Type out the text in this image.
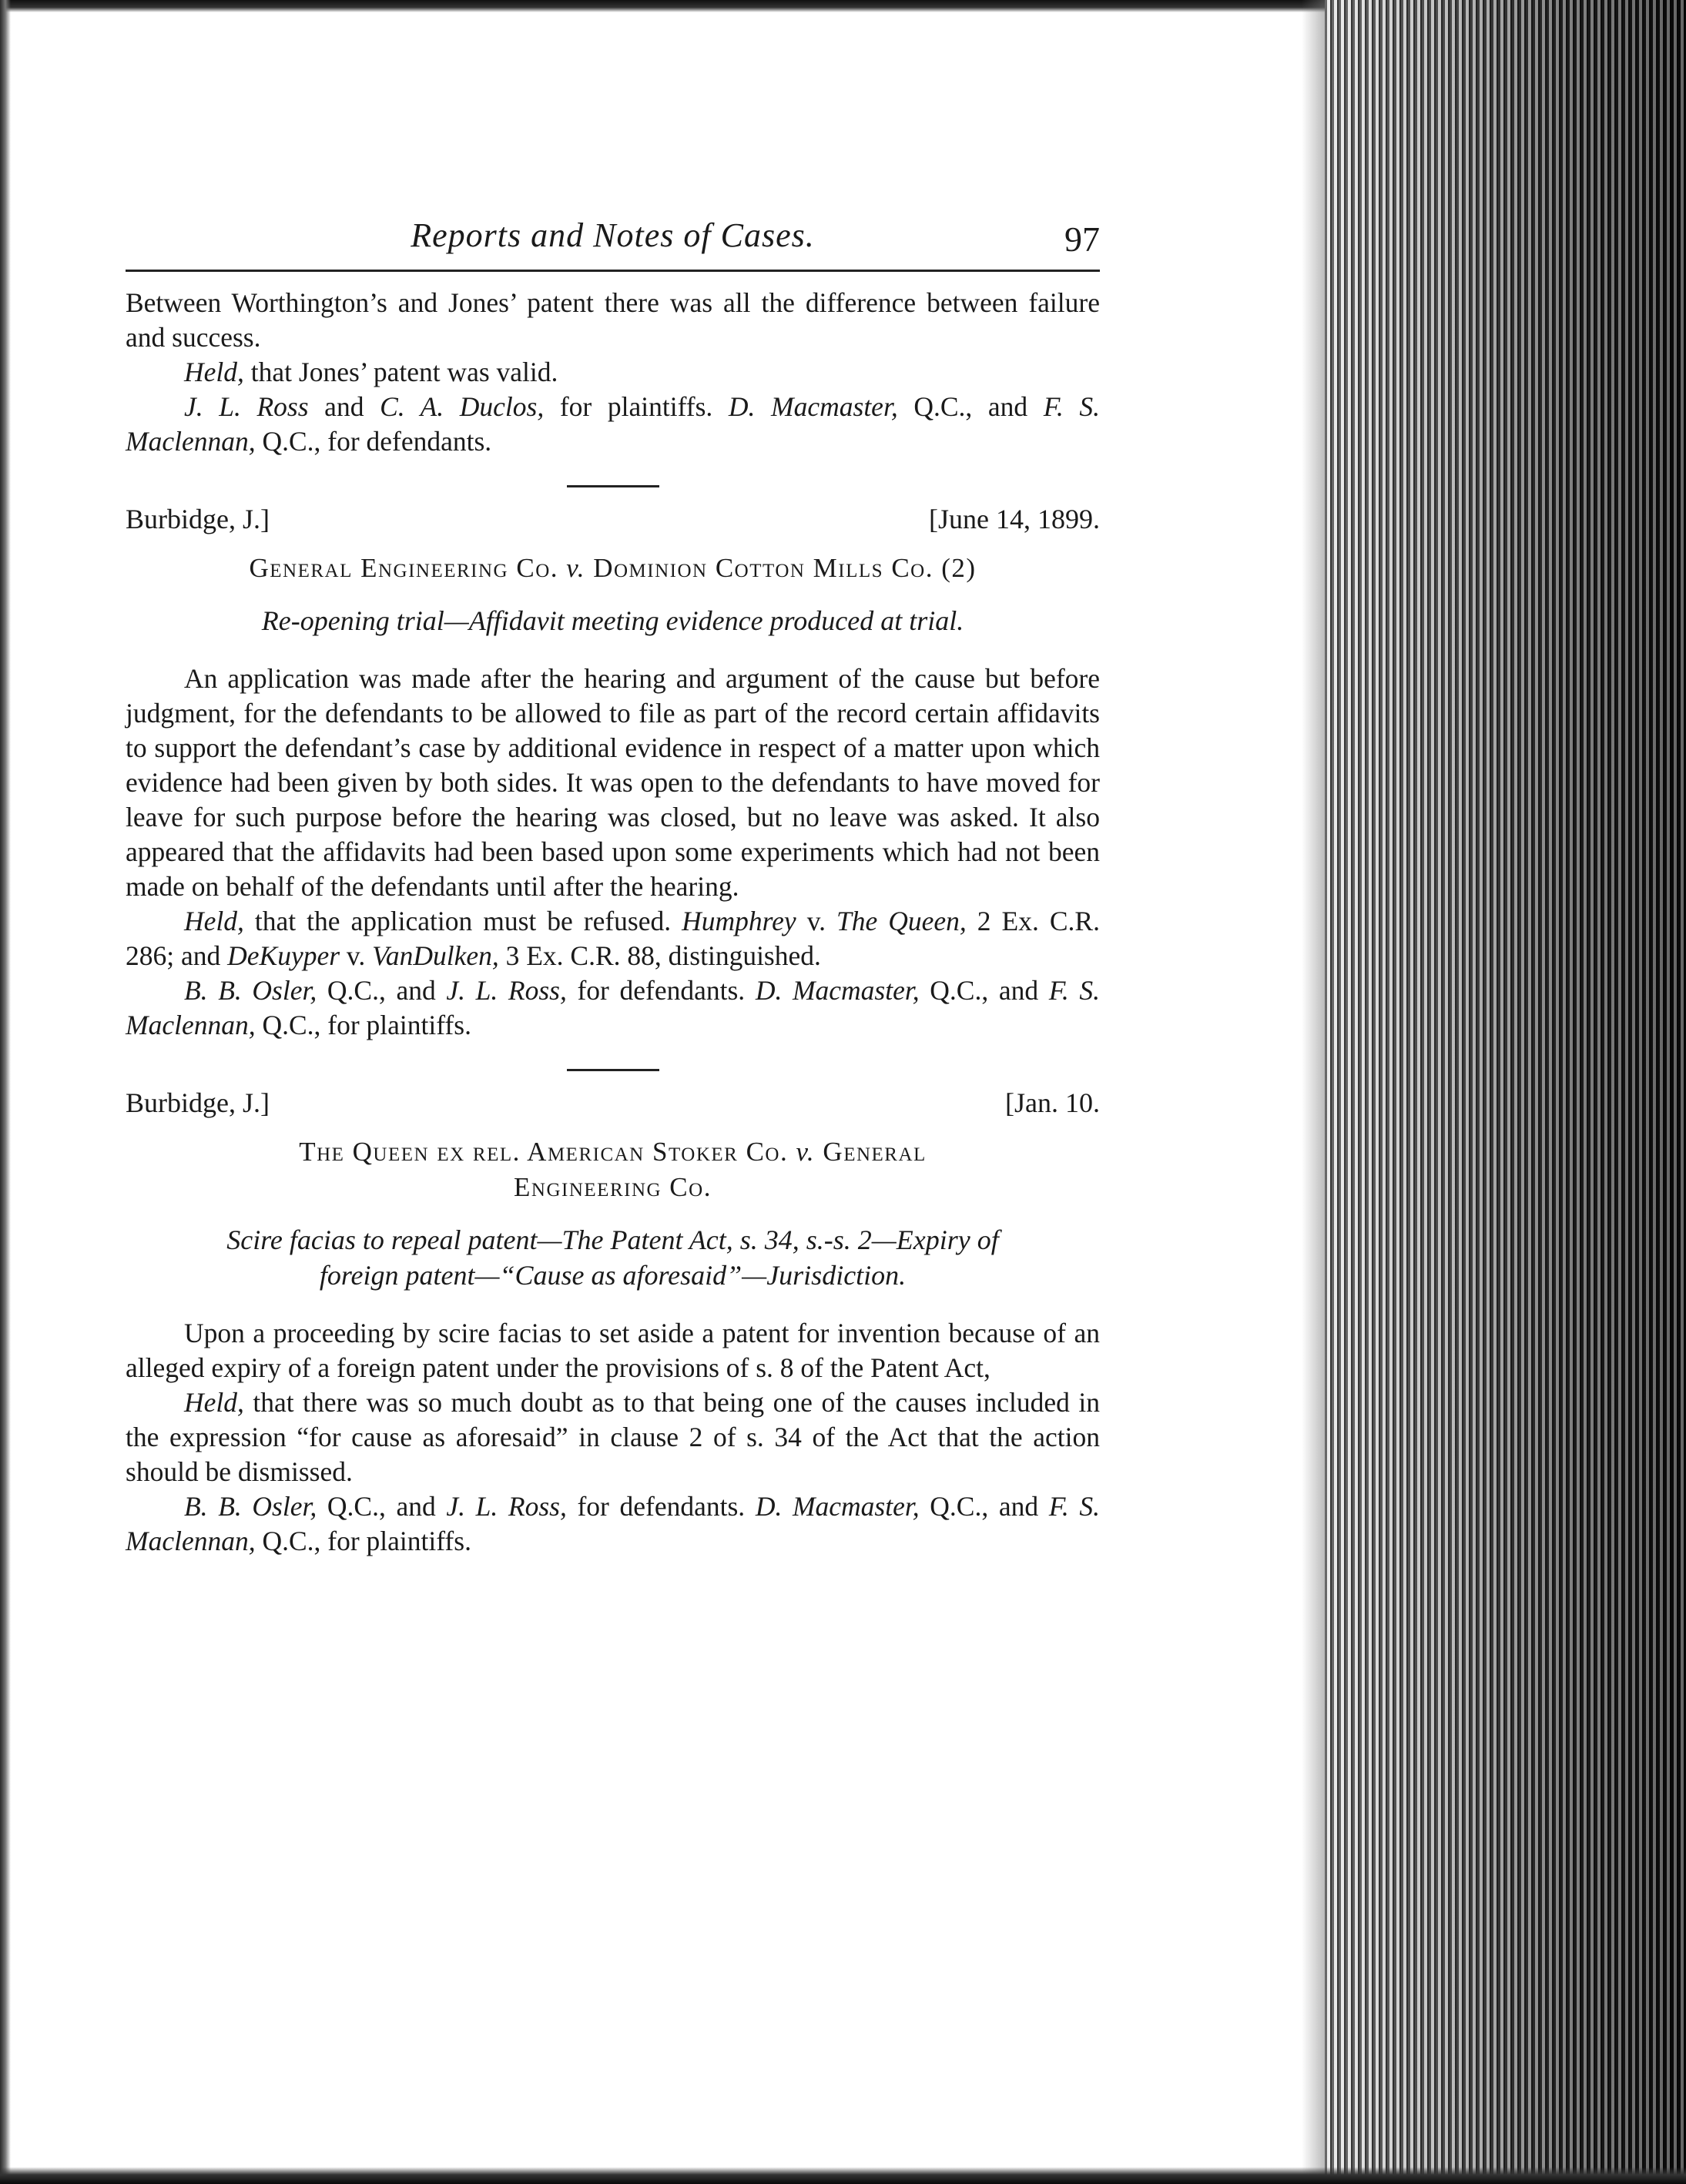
Reports and Notes of Cases.	97

Between Worthington’s and Jones’ patent there was all the difference between failure and success.

Held, that Jones’ patent was valid.

J. L. Ross and C. A. Duclos, for plaintiffs. D. Macmaster, Q.C., and F. S. Maclennan, Q.C., for defendants.

Burbidge, J.]	[June 14, 1899.
General Engineering Co. v. Dominion Cotton Mills Co. (2)
Re-opening trial—Affidavit meeting evidence produced at trial.

An application was made after the hearing and argument of the cause but before judgment, for the defendants to be allowed to file as part of the record certain affidavits to support the defendant’s case by additional evidence in respect of a matter upon which evidence had been given by both sides. It was open to the defendants to have moved for leave for such purpose before the hearing was closed, but no leave was asked. It also appeared that the affidavits had been based upon some experiments which had not been made on behalf of the defendants until after the hearing.

Held, that the application must be refused. Humphrey v. The Queen, 2 Ex. C.R. 286; and DeKuyper v. VanDulken, 3 Ex. C.R. 88, distinguished.

B. B. Osler, Q.C., and J. L. Ross, for defendants. D. Macmaster, Q.C., and F. S. Maclennan, Q.C., for plaintiffs.

Burbidge, J.]	[Jan. 10.
The Queen ex rel. American Stoker Co. v. General
Engineering Co.
Scire facias to repeal patent—The Patent Act, s. 34, s.-s. 2—Expiry of
foreign patent—“Cause as aforesaid”—Jurisdiction.

Upon a proceeding by scire facias to set aside a patent for invention because of an alleged expiry of a foreign patent under the provisions of s. 8 of the Patent Act,

Held, that there was so much doubt as to that being one of the causes included in the expression “for cause as aforesaid” in clause 2 of s. 34 of the Act that the action should be dismissed.

B. B. Osler, Q.C., and J. L. Ross, for defendants. D. Macmaster, Q.C., and F. S. Maclennan, Q.C., for plaintiffs.
